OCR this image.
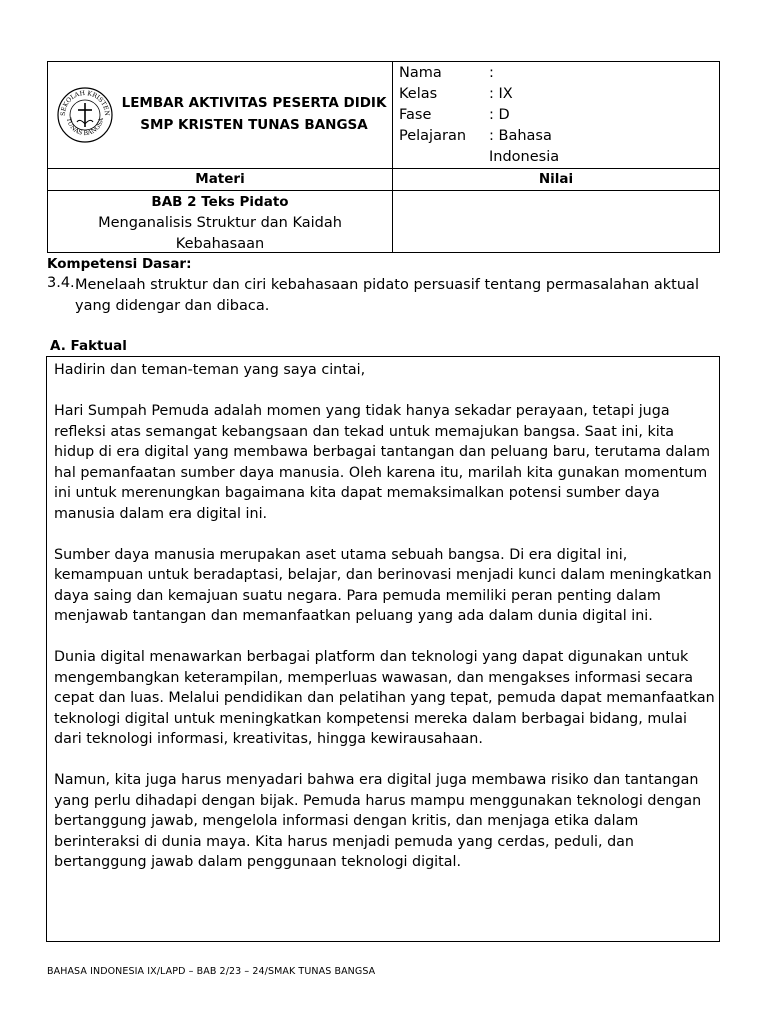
SEKOLAH KRISTEN
TUNAS BANGSA
LEMBAR AKTIVITAS PESERTA DIDIK
SMP KRISTEN TUNAS BANGSA
Nama	:
Kelas	: IX
Fase	: D
Pelajaran	: Bahasa
Indonesia
Materi	Nilai
BAB 2 Teks Pidato
Menganalisis Struktur dan Kaidah
Kebahasaan
Kompetensi Dasar:
3.4. Menelaah struktur dan ciri kebahasaan pidato persuasif tentang permasalahan aktual yang didengar dan dibaca.
A. Faktual

Hadirin dan teman-teman yang saya cintai,

Hari Sumpah Pemuda adalah momen yang tidak hanya sekadar perayaan, tetapi juga refleksi atas semangat kebangsaan dan tekad untuk memajukan bangsa. Saat ini, kita hidup di era digital yang membawa berbagai tantangan dan peluang baru, terutama dalam hal pemanfaatan sumber daya manusia. Oleh karena itu, marilah kita gunakan momentum ini untuk merenungkan bagaimana kita dapat memaksimalkan potensi sumber daya manusia dalam era digital ini.

Sumber daya manusia merupakan aset utama sebuah bangsa. Di era digital ini, kemampuan untuk beradaptasi, belajar, dan berinovasi menjadi kunci dalam meningkatkan daya saing dan kemajuan suatu negara. Para pemuda memiliki peran penting dalam menjawab tantangan dan memanfaatkan peluang yang ada dalam dunia digital ini.

Dunia digital menawarkan berbagai platform dan teknologi yang dapat digunakan untuk mengembangkan keterampilan, memperluas wawasan, dan mengakses informasi secara cepat dan luas. Melalui pendidikan dan pelatihan yang tepat, pemuda dapat memanfaatkan teknologi digital untuk meningkatkan kompetensi mereka dalam berbagai bidang, mulai dari teknologi informasi, kreativitas, hingga kewirausahaan.

Namun, kita juga harus menyadari bahwa era digital juga membawa risiko dan tantangan yang perlu dihadapi dengan bijak. Pemuda harus mampu menggunakan teknologi dengan bertanggung jawab, mengelola informasi dengan kritis, dan menjaga etika dalam berinteraksi di dunia maya. Kita harus menjadi pemuda yang cerdas, peduli, dan bertanggung jawab dalam penggunaan teknologi digital.

BAHASA INDONESIA IX/LAPD – BAB 2/23 – 24/SMAK TUNAS BANGSA
